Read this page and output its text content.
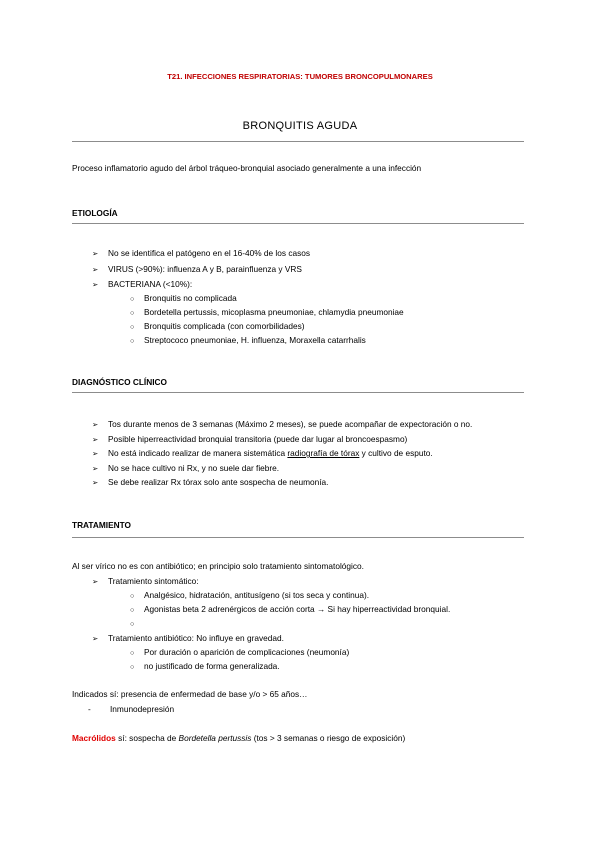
T21. INFECCIONES RESPIRATORIAS: TUMORES BRONCOPULMONARES
BRONQUITIS AGUDA
Proceso inflamatorio agudo del árbol tráqueo-bronquial asociado generalmente a una infección
ETIOLOGÍA
➢ No se identifica el patógeno en el 16-40% de los casos
➢ VIRUS (>90%): influenza A y B, parainfluenza y VRS
➢ BACTERIANA (<10%):
○ Bronquitis no complicada
○ Bordetella pertussis, micoplasma pneumoniae, chlamydia pneumoniae
○ Bronquitis complicada (con comorbilidades)
○ Streptococo pneumoniae, H. influenza, Moraxella catarrhalis
DIAGNÓSTICO CLÍNICO
➢ Tos durante menos de 3 semanas (Máximo 2 meses), se puede acompañar de expectoración o no.
➢ Posible hiperreactividad bronquial transitoria (puede dar lugar al broncoespasmo)
➢ No está indicado realizar de manera sistemática radiografía de tórax y cultivo de esputo.
➢ No se hace cultivo ni Rx, y no suele dar fiebre.
➢ Se debe realizar Rx tórax solo ante sospecha de neumonía.
TRATAMIENTO
Al ser vírico no es con antibiótico; en principio solo tratamiento sintomatológico.
➢ Tratamiento sintomático:
○ Analgésico, hidratación, antitusígeno (si tos seca y continua).
○ Agonistas beta 2 adrenérgicos de acción corta → Si hay hiperreactividad bronquial.
○
➢ Tratamiento antibiótico: No influye en gravedad.
○ Por duración o aparición de complicaciones (neumonía)
○ no justificado de forma generalizada.
Indicados sí: presencia de enfermedad de base y/o > 65 años…
- Inmunodepresión
Macrólidos sí: sospecha de Bordetella pertussis (tos > 3 semanas o riesgo de exposición)
